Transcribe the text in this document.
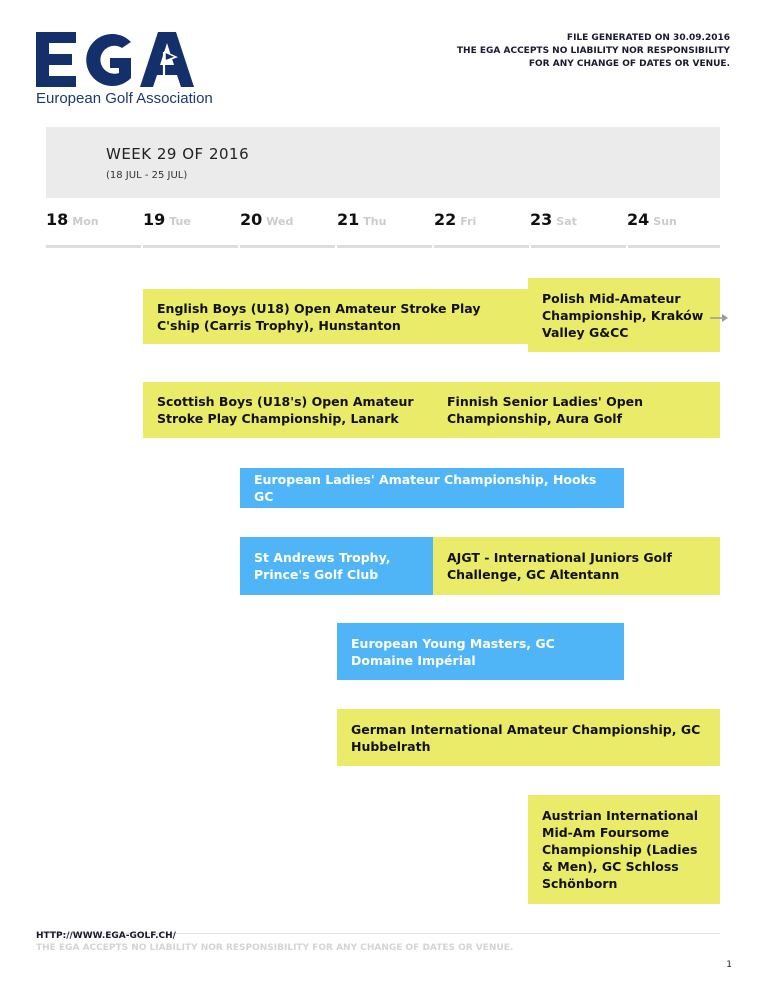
European Golf Association
FILE GENERATED ON 30.09.2016
THE EGA ACCEPTS NO LIABILITY NOR RESPONSIBILITY
FOR ANY CHANGE OF DATES OR VENUE.
WEEK 29 OF 2016
(18 JUL - 25 JUL)
18 Mon	19 Tue	20 Wed	21 Thu	22 Fri	23 Sat	24 Sun
English Boys (U18) Open Amateur Stroke Play C'ship (Carris Trophy), Hunstanton
Polish Mid-Amateur Championship, Kraków Valley G&CC
Scottish Boys (U18's) Open Amateur Stroke Play Championship, Lanark
Finnish Senior Ladies' Open Championship, Aura Golf
European Ladies' Amateur Championship, Hooks GC
St Andrews Trophy, Prince's Golf Club
AJGT - International Juniors Golf Challenge, GC Altentann
European Young Masters, GC Domaine Impérial
German International Amateur Championship, GC Hubbelrath
Austrian International Mid-Am Foursome Championship (Ladies & Men), GC Schloss Schönborn
HTTP://WWW.EGA-GOLF.CH/
THE EGA ACCEPTS NO LIABILITY NOR RESPONSIBILITY FOR ANY CHANGE OF DATES OR VENUE.
1
